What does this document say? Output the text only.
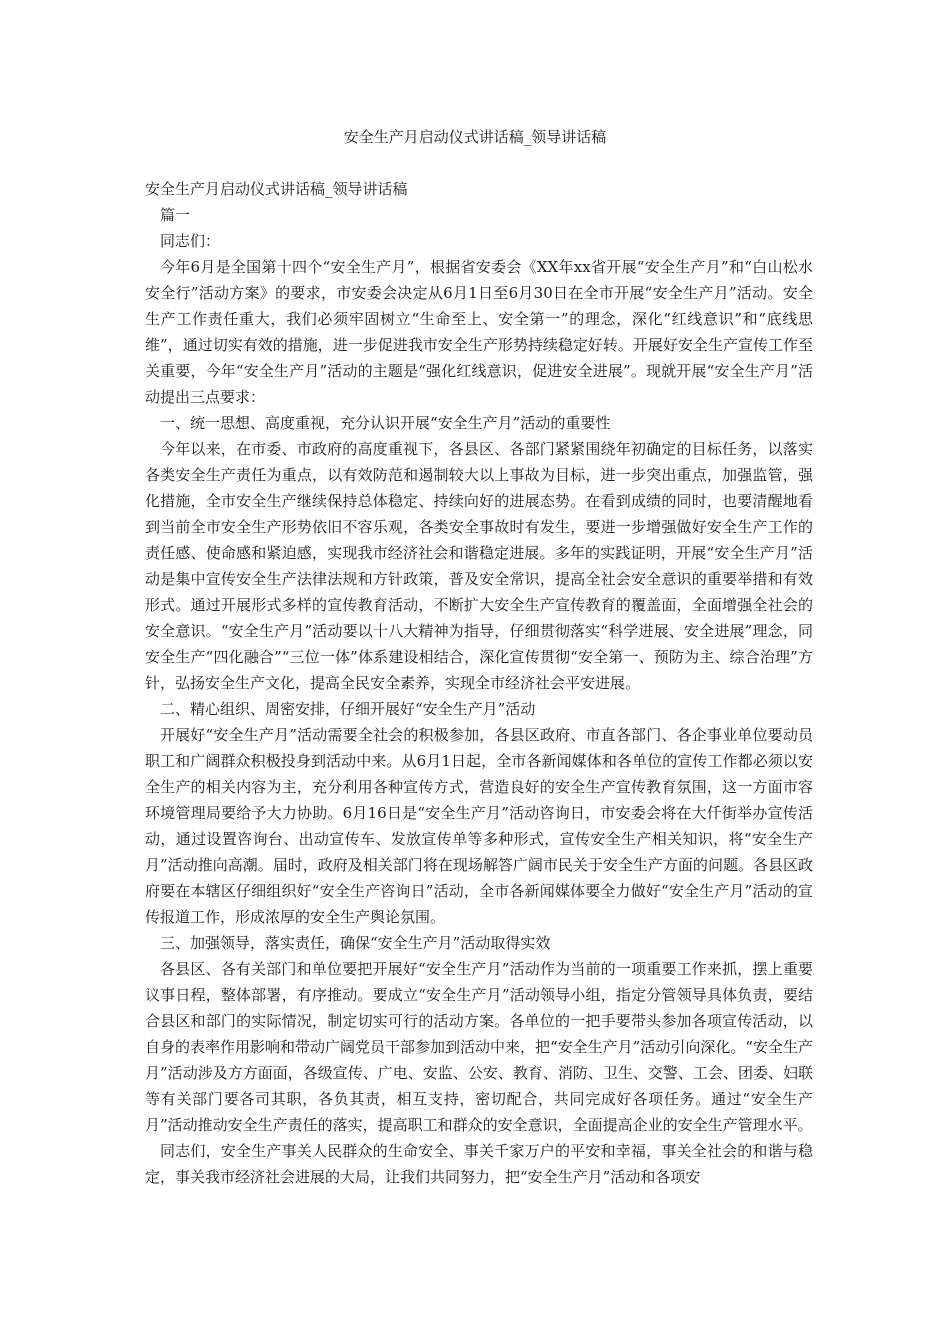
安全生产月启动仪式讲话稿_领导讲话稿

安全生产月启动仪式讲话稿_领导讲话稿

篇一

同志们：

今年6月是全国第十四个“安全生产月”，根据省安委会《XX年xx省开展“安全生产月”和“白山松水安全行”活动方案》的要求，市安委会决定从6月1日至6月30日在全市开展“安全生产月”活动。安全生产工作责任重大，我们必须牢固树立“生命至上、安全第一”的理念，深化“红线意识”和“底线思维”，通过切实有效的措施，进一步促进我市安全生产形势持续稳定好转。开展好安全生产宣传工作至关重要，今年“安全生产月”活动的主题是“强化红线意识，促进安全进展”。现就开展“安全生产月”活动提出三点要求：

一、统一思想、高度重视，充分认识开展“安全生产月”活动的重要性

今年以来，在市委、市政府的高度重视下，各县区、各部门紧紧围绕年初确定的目标任务，以落实各类安全生产责任为重点，以有效防范和遏制较大以上事故为目标，进一步突出重点，加强监管，强化措施，全市安全生产继续保持总体稳定、持续向好的进展态势。在看到成绩的同时，也要清醒地看到当前全市安全生产形势依旧不容乐观，各类安全事故时有发生，要进一步增强做好安全生产工作的责任感、使命感和紧迫感，实现我市经济社会和谐稳定进展。多年的实践证明，开展“安全生产月”活动是集中宣传安全生产法律法规和方针政策，普及安全常识，提高全社会安全意识的重要举措和有效形式。通过开展形式多样的宣传教育活动，不断扩大安全生产宣传教育的覆盖面，全面增强全社会的安全意识。“安全生产月”活动要以十八大精神为指导，仔细贯彻落实“科学进展、安全进展”理念，同安全生产“四化融合”“三位一体”体系建设相结合，深化宣传贯彻“安全第一、预防为主、综合治理”方针，弘扬安全生产文化，提高全民安全素养，实现全市经济社会平安进展。

二、精心组织、周密安排，仔细开展好“安全生产月”活动

开展好“安全生产月”活动需要全社会的积极参加，各县区政府、市直各部门、各企事业单位要动员职工和广阔群众积极投身到活动中来。从6月1日起，全市各新闻媒体和各单位的宣传工作都必须以安全生产的相关内容为主，充分利用各种宣传方式，营造良好的安全生产宣传教育氛围，这一方面市容环境管理局要给予大力协助。6月16日是“安全生产月”活动咨询日，市安委会将在大仟街举办宣传活动，通过设置咨询台、出动宣传车、发放宣传单等多种形式，宣传安全生产相关知识，将“安全生产月”活动推向高潮。届时，政府及相关部门将在现场解答广阔市民关于安全生产方面的问题。各县区政府要在本辖区仔细组织好“安全生产咨询日”活动，全市各新闻媒体要全力做好“安全生产月”活动的宣传报道工作，形成浓厚的安全生产舆论氛围。

三、加强领导，落实责任，确保“安全生产月”活动取得实效

各县区、各有关部门和单位要把开展好“安全生产月”活动作为当前的一项重要工作来抓，摆上重要议事日程，整体部署，有序推动。要成立“安全生产月”活动领导小组，指定分管领导具体负责，要结合县区和部门的实际情况，制定切实可行的活动方案。各单位的一把手要带头参加各项宣传活动，以自身的表率作用影响和带动广阔党员干部参加到活动中来，把“安全生产月”活动引向深化。“安全生产月”活动涉及方方面面，各级宣传、广电、安监、公安、教育、消防、卫生、交警、工会、团委、妇联等有关部门要各司其职，各负其责，相互支持，密切配合，共同完成好各项任务。通过“安全生产月”活动推动安全生产责任的落实，提高职工和群众的安全意识，全面提高企业的安全生产管理水平。

同志们，安全生产事关人民群众的生命安全、事关千家万户的平安和幸福，事关全社会的和谐与稳定，事关我市经济社会进展的大局，让我们共同努力，把“安全生产月”活动和各项安
